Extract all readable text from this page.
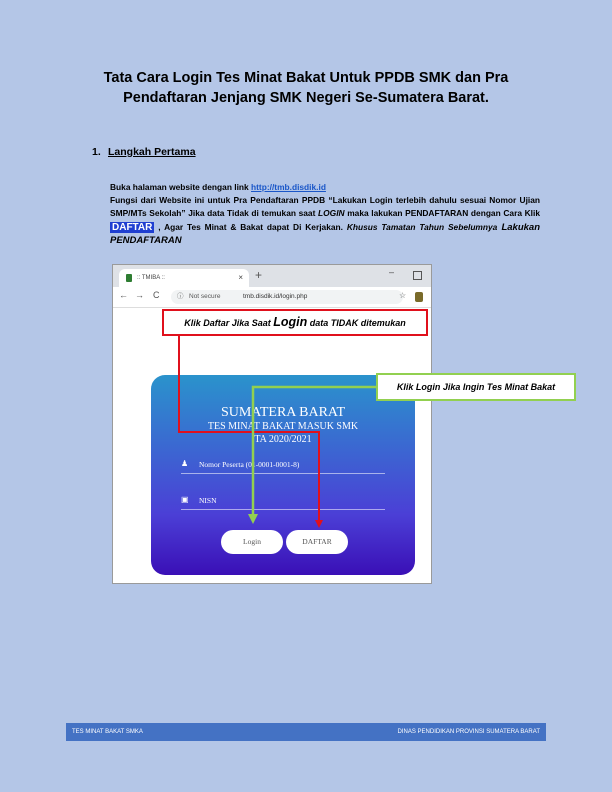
Tata Cara Login Tes Minat Bakat Untuk PPDB SMK dan Pra
Pendaftaran Jenjang SMK Negeri Se-Sumatera Barat.
1. Langkah Pertama

Buka halaman website dengan link http://tmb.disdik.id

Fungsi dari Website ini untuk Pra Pendaftaran PPDB “Lakukan Login terlebih dahulu sesuai Nomor Ujian SMP/MTs Sekolah” Jika data Tidak di temukan saat LOGIN maka lakukan PENDAFTARAN dengan Cara Klik DAFTAR , Agar Tes Minat & Bakat dapat Di Kerjakan. Khusus Tamatan Tahun Sebelumnya Lakukan PENDAFTARAN

:: TMIBA ::	× +	–
← → C	ⓘ Not secure	tmb.disdik.id/login.php	☆
SUMATERA BARAT
TES MINAT BAKAT MASUK SMK
TA 2020/2021
♟ Nomor Peserta (01-0001-0001-8)
▣ NISN
Login	DAFTAR
Klik Daftar Jika Saat Login data TIDAK ditemukan
Klik Login Jika Ingin Tes Minat Bakat
TES MINAT BAKAT SMKA	DINAS PENDIDIKAN PROVINSI SUMATERA BARAT
